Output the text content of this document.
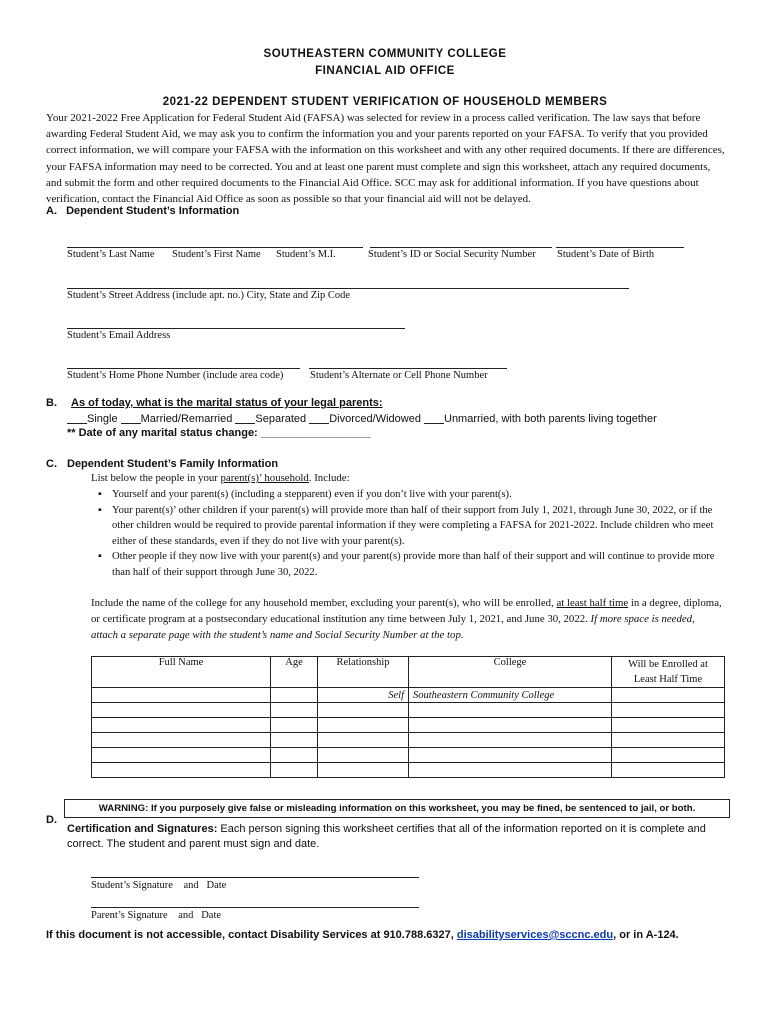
SOUTHEASTERN COMMUNITY COLLEGE
FINANCIAL AID OFFICE
2021-22 DEPENDENT STUDENT VERIFICATION OF HOUSEHOLD MEMBERS
Your 2021-2022 Free Application for Federal Student Aid (FAFSA) was selected for review in a process called verification. The law says that before awarding Federal Student Aid, we may ask you to confirm the information you and your parents reported on your FAFSA. To verify that you provided correct information, we will compare your FAFSA with the information on this worksheet and with any other required documents. If there are differences, your FAFSA information may need to be corrected. You and at least one parent must complete and sign this worksheet, attach any required documents, and submit the form and other required documents to the Financial Aid Office. SCC may ask for additional information. If you have questions about verification, contact the Financial Aid Office as soon as possible so that your financial aid will not be delayed.
A. Dependent Student’s Information
Student’s Last Name Student’s First Name Student’s M.I.	Student’s ID or Social Security Number Student’s Date of Birth
Student’s Street Address (include apt. no.) City, State and Zip Code
Student’s Email Address
Student’s Home Phone Number (include area code)	Student’s Alternate or Cell Phone Number
B. As of today, what is the marital status of your legal parents:
Single Married/Remarried Separated Divorced/Widowed Unmarried, with both parents living together
** Date of any marital status change: __________________
C. Dependent Student’s Family Information
List below the people in your parent(s)’ household. Include:
▪ Yourself and your parent(s) (including a stepparent) even if you don’t live with your parent(s).
▪ Your parent(s)’ other children if your parent(s) will provide more than half of their support from July 1, 2021, through June 30, 2022, or if the other children would be required to provide parental information if they were completing a FAFSA for 2021-2022. Include children who meet either of these standards, even if they do not live with your parent(s).
▪ Other people if they now live with your parent(s) and your parent(s) provide more than half of their support and will continue to provide more than half of their support through June 30, 2022.
Include the name of the college for any household member, excluding your parent(s), who will be enrolled, at least half time in a degree, diploma, or certificate program at a postsecondary educational institution any time between July 1, 2021, and June 30, 2022. If more space is needed, attach a separate page with the student’s name and Social Security Number at the top.
Full Name	Age	Relationship	College	Will be Enrolled at Least Half Time
		Self	Southeastern Community College	

WARNING: If you purposely give false or misleading information on this worksheet, you may be fined, be sentenced to jail, or both.
D.
Certification and Signatures: Each person signing this worksheet certifies that all of the information reported on it is complete and correct. The student and parent must sign and date.
Student’s Signature    and   Date
Parent’s Signature    and   Date
If this document is not accessible, contact Disability Services at 910.788.6327, disabilityservices@sccnc.edu, or in A-124.
